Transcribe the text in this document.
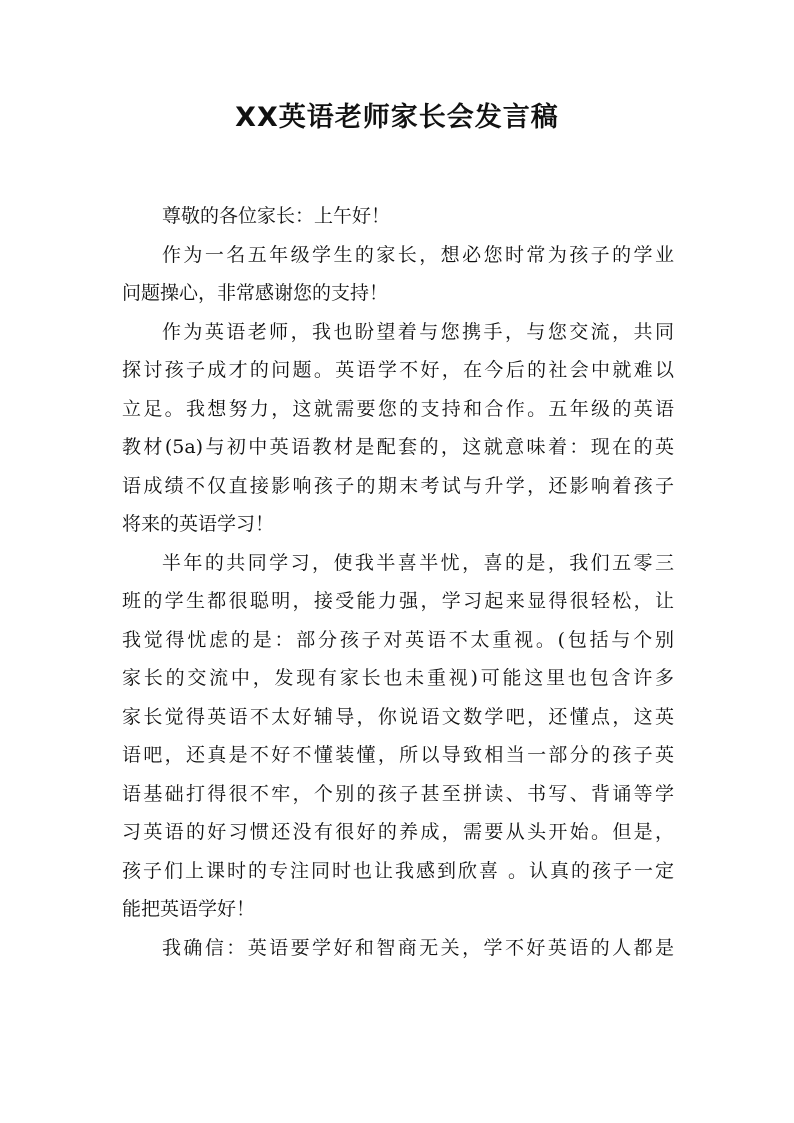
XX英语老师家长会发言稿
尊敬的各位家长：上午好！
作为一名五年级学生的家长，想必您时常为孩子的学业
问题操心，非常感谢您的支持！
作为英语老师，我也盼望着与您携手，与您交流，共同
探讨孩子成才的问题。英语学不好，在今后的社会中就难以
立足。我想努力，这就需要您的支持和合作。五年级的英语
教材(5a)与初中英语教材是配套的，这就意味着：现在的英
语成绩不仅直接影响孩子的期末考试与升学，还影响着孩子
将来的英语学习！
半年的共同学习，使我半喜半忧，喜的是，我们五零三
班的学生都很聪明，接受能力强，学习起来显得很轻松，让
我觉得忧虑的是：部分孩子对英语不太重视。(包括与个别
家长的交流中，发现有家长也未重视)可能这里也包含许多
家长觉得英语不太好辅导，你说语文数学吧，还懂点，这英
语吧，还真是不好不懂装懂，所以导致相当一部分的孩子英
语基础打得很不牢，个别的孩子甚至拼读、书写、背诵等学
习英语的好习惯还没有很好的养成，需要从头开始。但是，
孩子们上课时的专注同时也让我感到欣喜 。认真的孩子一定
能把英语学好！
我确信：英语要学好和智商无关，学不好英语的人都是
